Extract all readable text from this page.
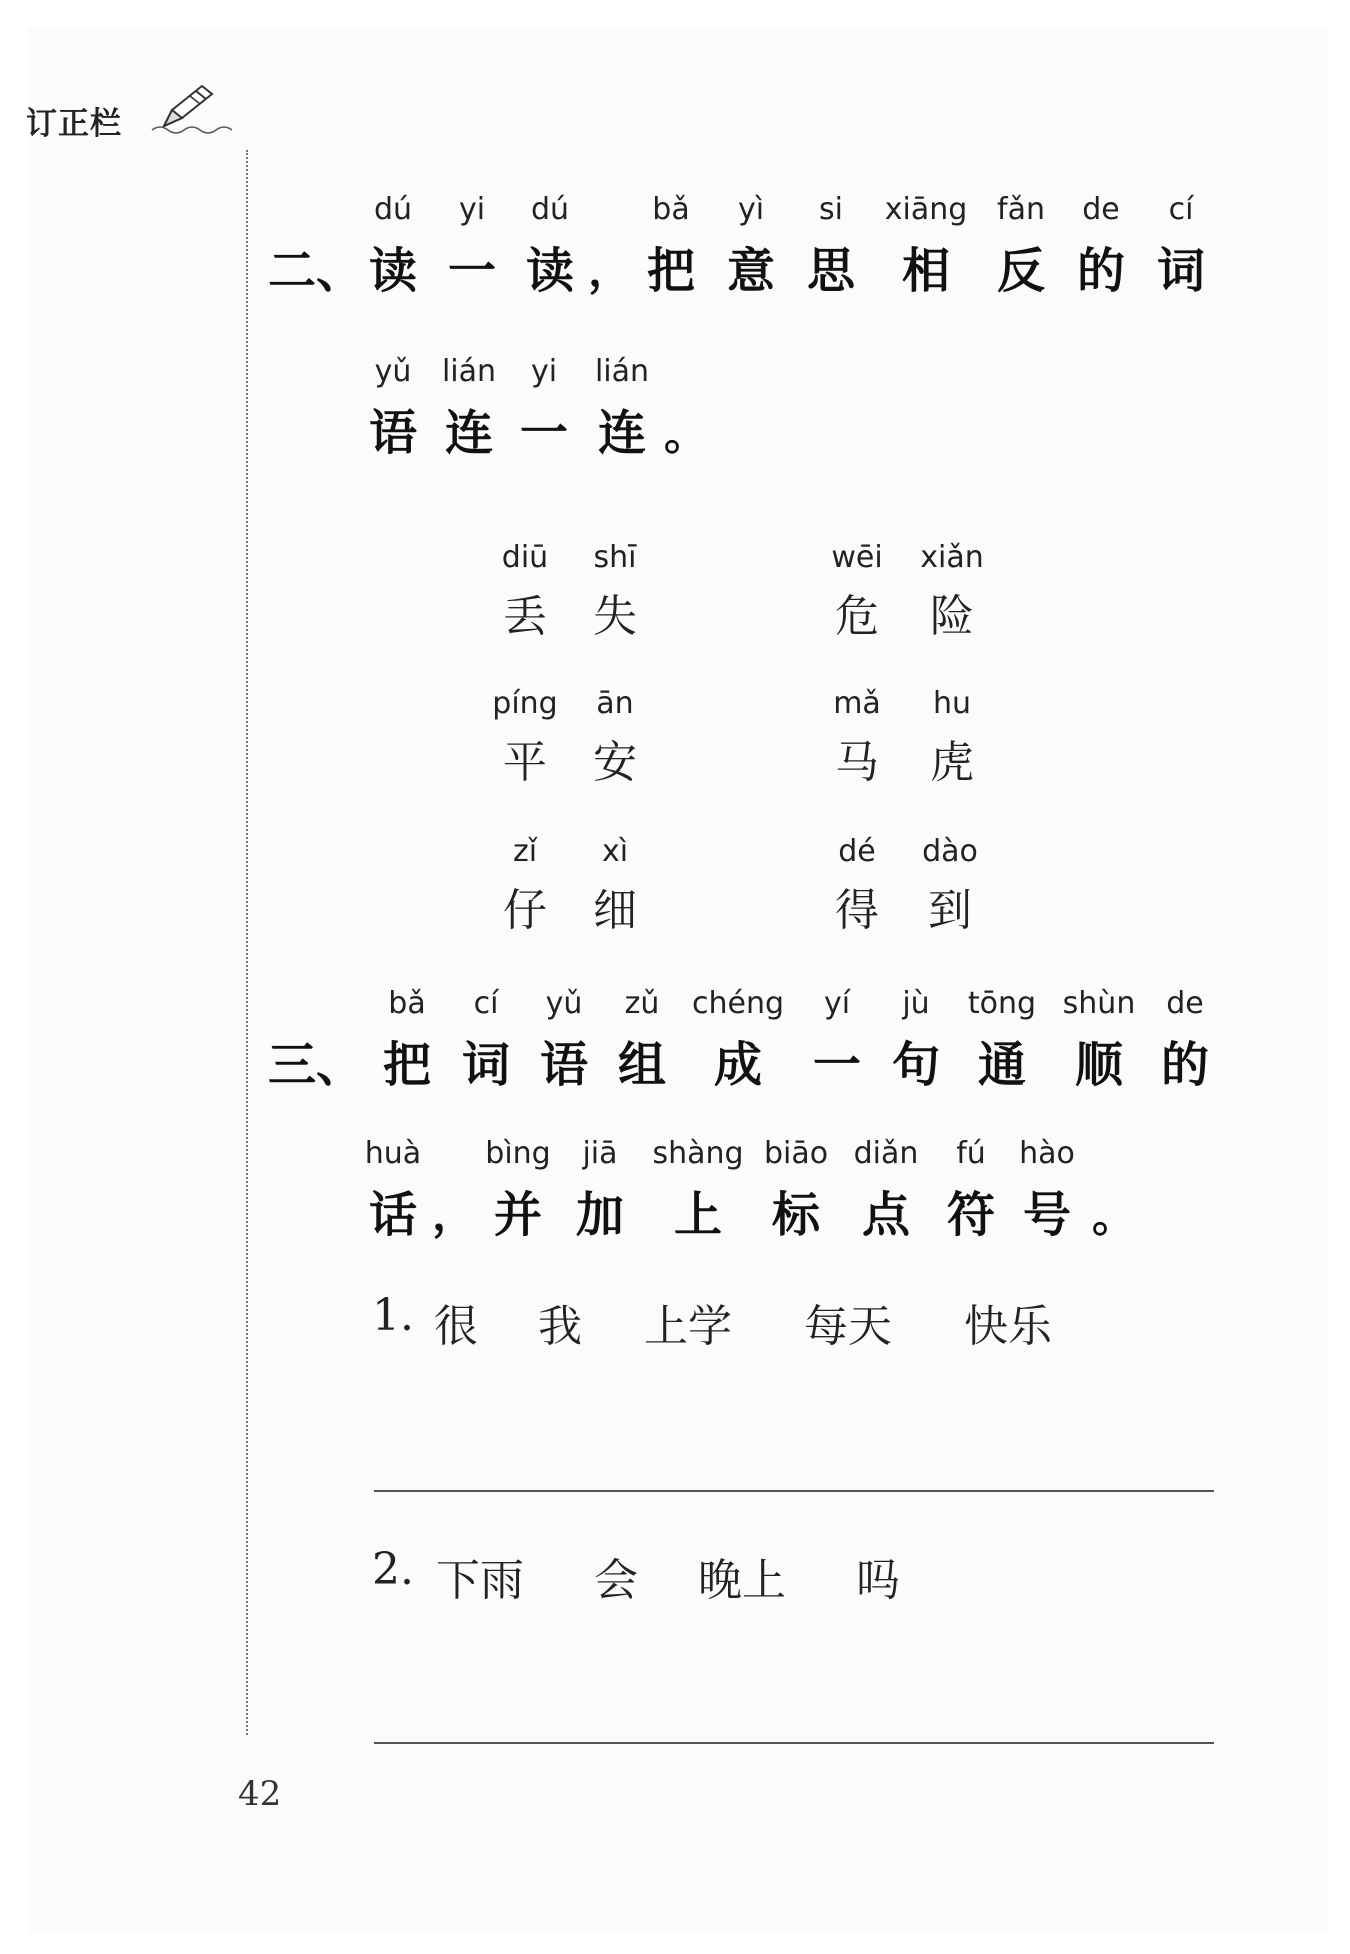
订正栏
二、
dú
读
yi
一
dú
读 ，
bǎ
把
yì
意
si
思
xiāng
相
fǎn
反
de
的
cí
词
yǔ
语
lián
连
yi
一
lián
连 。
diū
丢
shī
失
wēi
危
xiǎn
险
píng
平
ān
安
mǎ
马
hu
虎
zǐ
仔
xì
细
dé
得
dào
到
三、
bǎ
把
cí
词
yǔ
语
zǔ
组
chéng
成
yí
一
jù
句
tōng
通
shùn
顺
de
的
huà
话 ，
bìng
并
jiā
加
shàng
上
biāo
标
diǎn
点
fú
符
hào
号 。
1. 很 我 上学 每天 快乐
2. 下雨 会 晚上 吗
42
